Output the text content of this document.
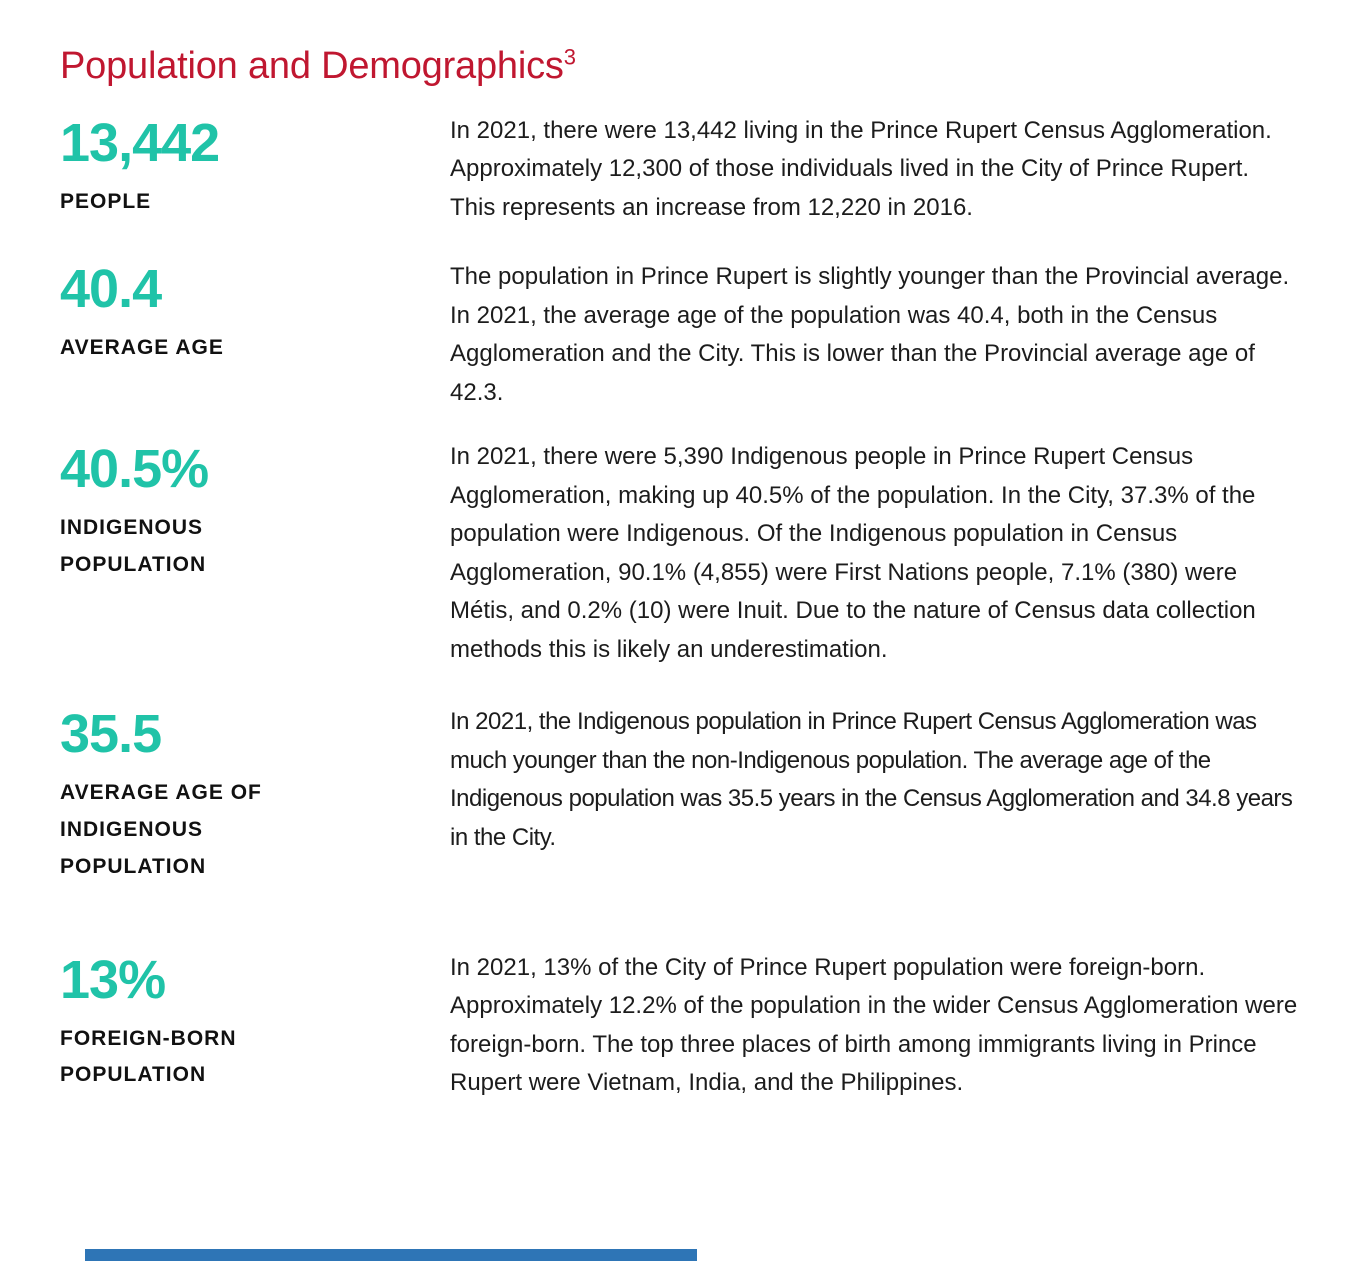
Population and Demographics$^3$
13,442
PEOPLE

In 2021, there were 13,442 living in the Prince Rupert Census Agglomeration. Approximately 12,300 of those individuals lived in the City of Prince Rupert. This represents an increase from 12,220 in 2016.

40.4
AVERAGE AGE

The population in Prince Rupert is slightly younger than the Provincial average. In 2021, the average age of the population was 40.4, both in the Census Agglomeration and the City. This is lower than the Provincial average age of 42.3.

40.5%
INDIGENOUS POPULATION

In 2021, there were 5,390 Indigenous people in Prince Rupert Census Agglomeration, making up 40.5% of the population. In the City, 37.3% of the population were Indigenous. Of the Indigenous population in Census Agglomeration, 90.1% (4,855) were First Nations people, 7.1% (380) were Métis, and 0.2% (10) were Inuit. Due to the nature of Census data collection methods this is likely an underestimation.

35.5
AVERAGE AGE OF INDIGENOUS POPULATION

In 2021, the Indigenous population in Prince Rupert Census Agglomeration was much younger than the non-Indigenous population. The average age of the Indigenous population was 35.5 years in the Census Agglomeration and 34.8 years in the City.

13%
FOREIGN-BORN POPULATION

In 2021, 13% of the City of Prince Rupert population were foreign-born. Approximately 12.2% of the population in the wider Census Agglomeration were foreign-born. The top three places of birth among immigrants living in Prince Rupert were Vietnam, India, and the Philippines.
